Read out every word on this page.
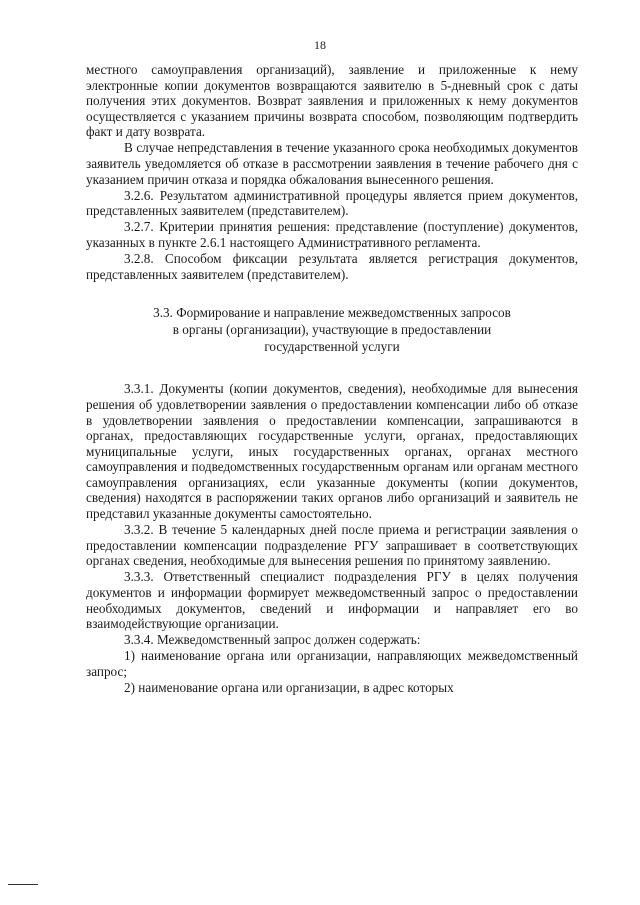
18

местного самоуправления организаций), заявление и приложенные к нему электронные копии документов возвращаются заявителю в 5-дневный срок с даты получения этих документов. Возврат заявления и приложенных к нему документов осуществляется с указанием причины возврата способом, позволяющим подтвердить факт и дату возврата.

В случае непредставления в течение указанного срока необходимых документов заявитель уведомляется об отказе в рассмотрении заявления в течение рабочего дня с указанием причин отказа и порядка обжалования вынесенного решения.

3.2.6. Результатом административной процедуры является прием документов, представленных заявителем (представителем).

3.2.7. Критерии принятия решения: представление (поступление) документов, указанных в пункте 2.6.1 настоящего Административного регламента.

3.2.8. Способом фиксации результата является регистрация документов, представленных заявителем (представителем).

3.3. Формирование и направление межведомственных запросов
в органы (организации), участвующие в предоставлении
государственной услуги

3.3.1. Документы (копии документов, сведения), необходимые для вынесения решения об удовлетворении заявления о предоставлении компенсации либо об отказе в удовлетворении заявления о предоставлении компенсации, запрашиваются в органах, предоставляющих государственные услуги, органах, предоставляющих муниципальные услуги, иных государственных органах, органах местного самоуправления и подведомственных государственным органам или органам местного самоуправления организациях, если указанные документы (копии документов, сведения) находятся в распоряжении таких органов либо организаций и заявитель не представил указанные документы самостоятельно.

3.3.2. В течение 5 календарных дней после приема и регистрации заявления о предоставлении компенсации подразделение РГУ запрашивает в соответствующих органах сведения, необходимые для вынесения решения по принятому заявлению.

3.3.3. Ответственный специалист подразделения РГУ в целях получения документов и информации формирует межведомственный запрос о предоставлении необходимых документов, сведений и информации и направляет его во взаимодействующие организации.

3.3.4. Межведомственный запрос должен содержать:

1) наименование органа или организации, направляющих межведомственный запрос;

2) наименование органа или организации, в адрес которых
